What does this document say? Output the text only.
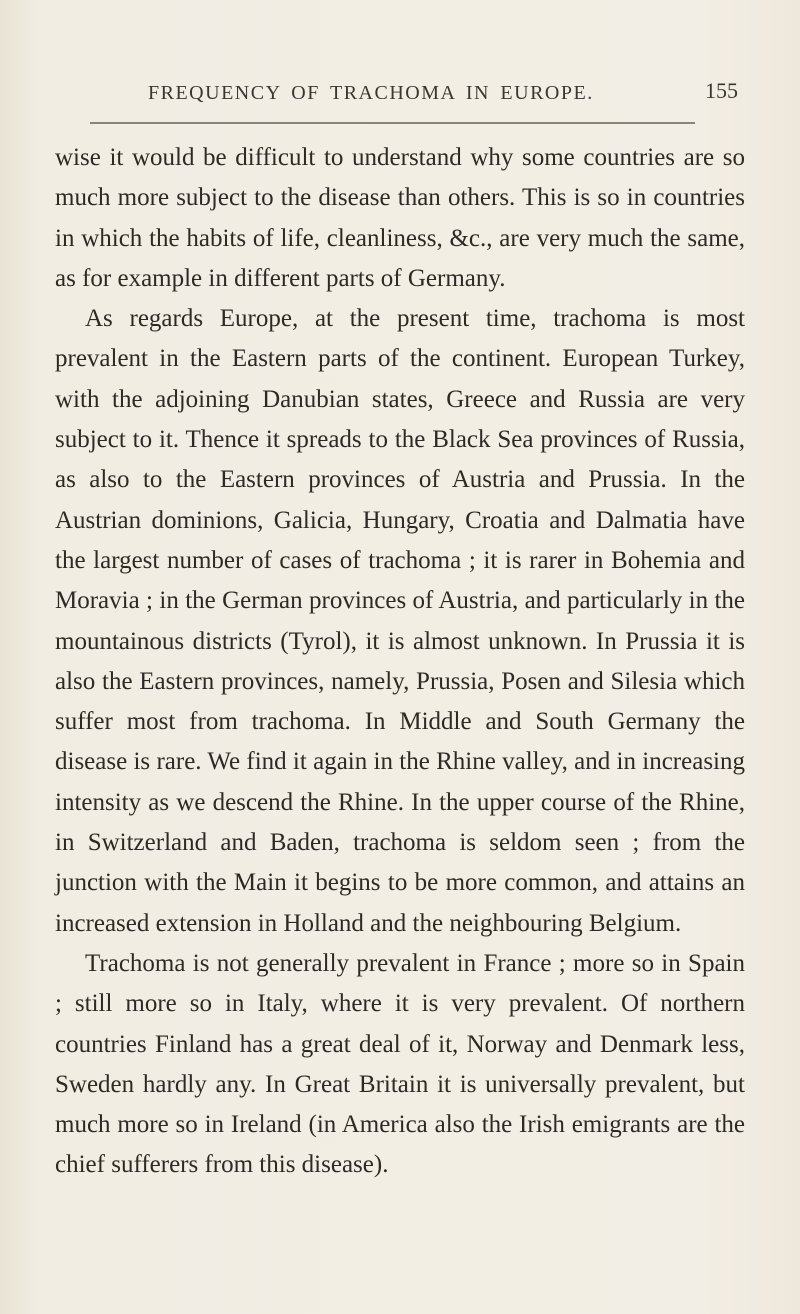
FREQUENCY OF TRACHOMA IN EUROPE.	155

wise it would be difficult to understand why some countries are so much more subject to the disease than others. This is so in countries in which the habits of life, cleanliness, &c., are very much the same, as for example in different parts of Germany.

As regards Europe, at the present time, trachoma is most prevalent in the Eastern parts of the continent. European Turkey, with the adjoining Danubian states, Greece and Russia are very subject to it. Thence it spreads to the Black Sea provinces of Russia, as also to the Eastern provinces of Austria and Prussia. In the Austrian dominions, Galicia, Hungary, Croatia and Dalmatia have the largest number of cases of trachoma ; it is rarer in Bohemia and Moravia ; in the German provinces of Austria, and particularly in the mountainous districts (Tyrol), it is almost unknown. In Prussia it is also the Eastern provinces, namely, Prussia, Posen and Silesia which suffer most from trachoma. In Middle and South Germany the disease is rare. We find it again in the Rhine valley, and in increasing intensity as we descend the Rhine. In the upper course of the Rhine, in Switzerland and Baden, trachoma is seldom seen ; from the junction with the Main it begins to be more common, and attains an increased extension in Holland and the neighbouring Belgium.

Trachoma is not generally prevalent in France ; more so in Spain ; still more so in Italy, where it is very prevalent. Of northern countries Finland has a great deal of it, Norway and Denmark less, Sweden hardly any. In Great Britain it is universally prevalent, but much more so in Ireland (in America also the Irish emigrants are the chief sufferers from this disease).
